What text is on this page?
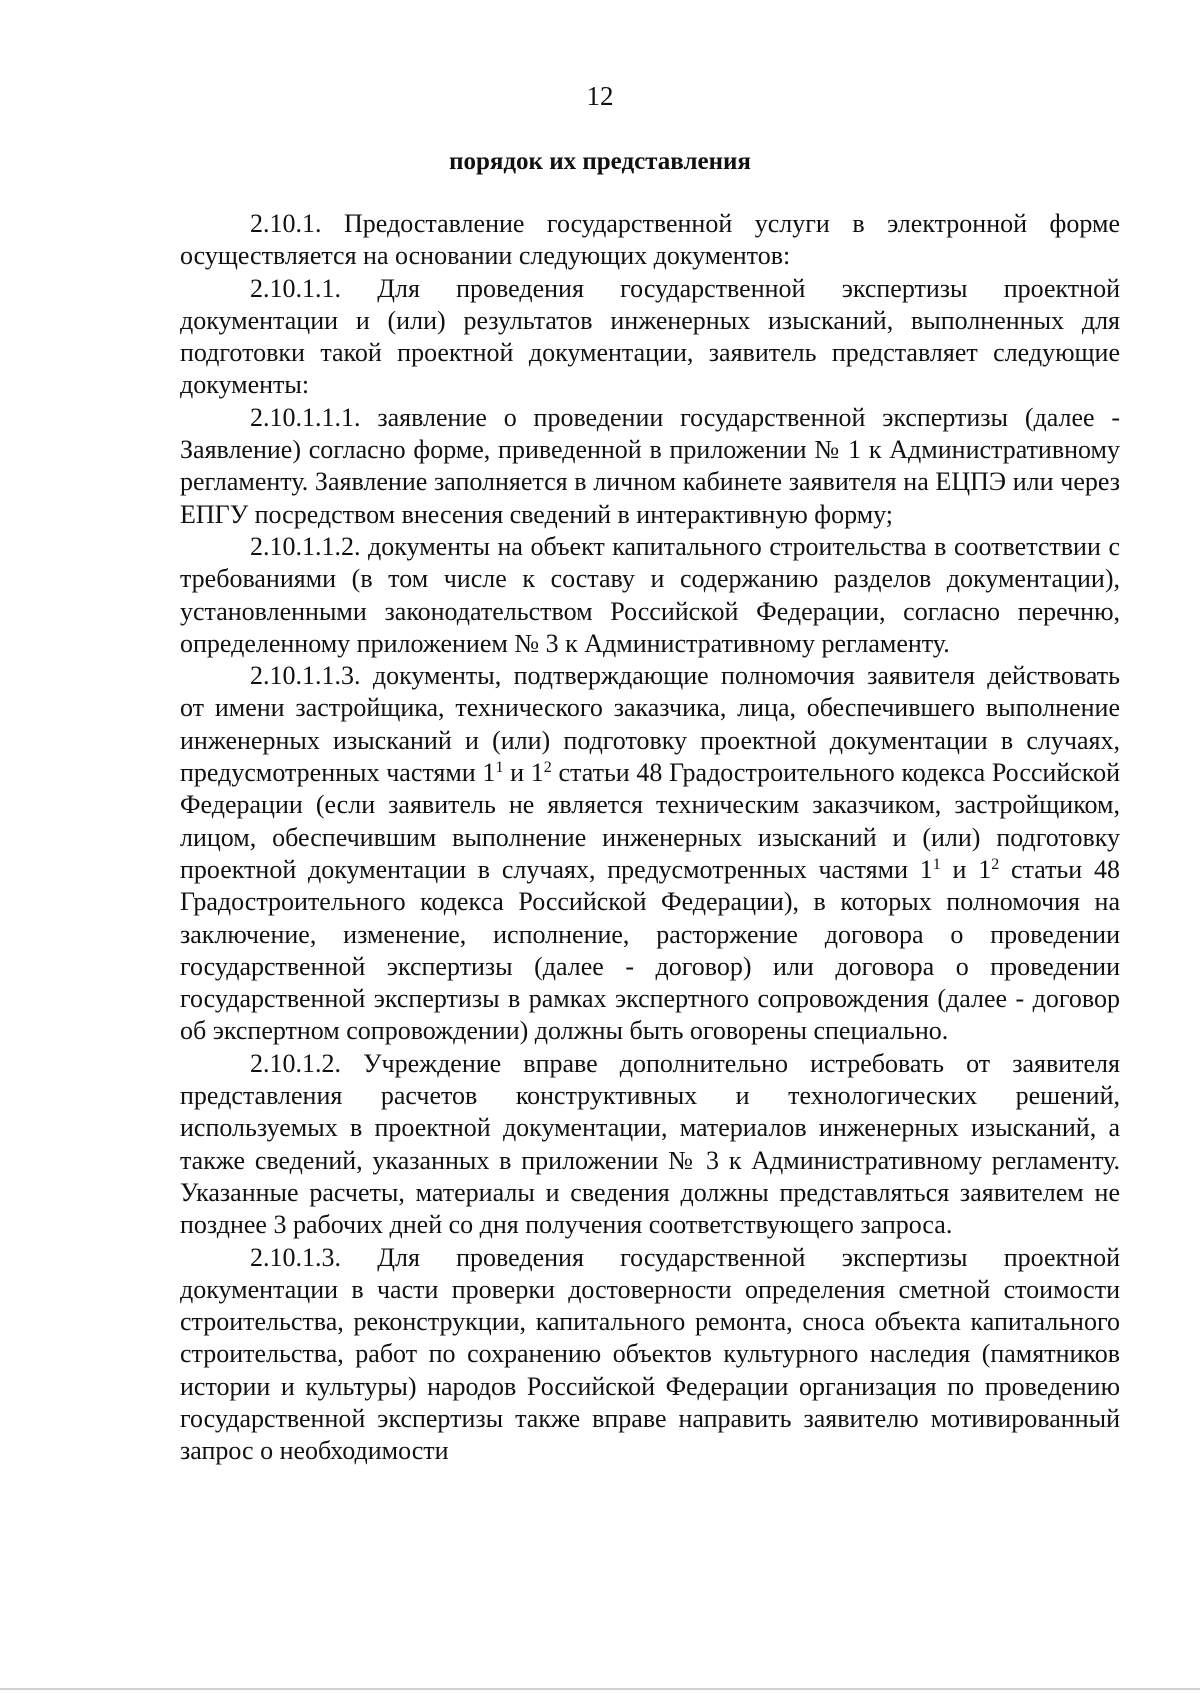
12
порядок их представления

2.10.1. Предоставление государственной услуги в электронной форме осуществляется на основании следующих документов:

2.10.1.1. Для проведения государственной экспертизы проектной документации и (или) результатов инженерных изысканий, выполненных для подготовки такой проектной документации, заявитель представляет следующие документы:

2.10.1.1.1. заявление о проведении государственной экспертизы (далее - Заявление) согласно форме, приведенной в приложении № 1 к Административному регламенту. Заявление заполняется в личном кабинете заявителя на ЕЦПЭ или через ЕПГУ посредством внесения сведений в интерактивную форму;

2.10.1.1.2. документы на объект капитального строительства в соответствии с требованиями (в том числе к составу и содержанию разделов документации), установленными законодательством Российской Федерации, согласно перечню, определенному приложением № 3 к Административному регламенту.

2.10.1.1.3. документы, подтверждающие полномочия заявителя действовать от имени застройщика, технического заказчика, лица, обеспечившего выполнение инженерных изысканий и (или) подготовку проектной документации в случаях, предусмотренных частями $1^1$ и $1^2$ статьи 48 Градостроительного кодекса Российской Федерации (если заявитель не является техническим заказчиком, застройщиком, лицом, обеспечившим выполнение инженерных изысканий и (или) подготовку проектной документации в случаях, предусмотренных частями $1^1$ и $1^2$ статьи 48 Градостроительного кодекса Российской Федерации), в которых полномочия на заключение, изменение, исполнение, расторжение договора о проведении государственной экспертизы (далее - договор) или договора о проведении государственной экспертизы в рамках экспертного сопровождения (далее - договор об экспертном сопровождении) должны быть оговорены специально.

2.10.1.2. Учреждение вправе дополнительно истребовать от заявителя представления расчетов конструктивных и технологических решений, используемых в проектной документации, материалов инженерных изысканий, а также сведений, указанных в приложении № 3 к Административному регламенту. Указанные расчеты, материалы и сведения должны представляться заявителем не позднее 3 рабочих дней со дня получения соответствующего запроса.

2.10.1.3. Для проведения государственной экспертизы проектной документации в части проверки достоверности определения сметной стоимости строительства, реконструкции, капитального ремонта, сноса объекта капитального строительства, работ по сохранению объектов культурного наследия (памятников истории и культуры) народов Российской Федерации организация по проведению государственной экспертизы также вправе направить заявителю мотивированный запрос о необходимости
